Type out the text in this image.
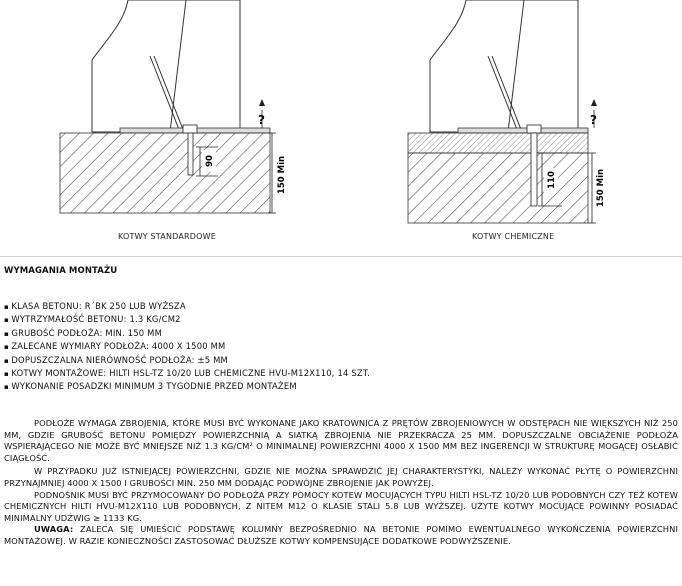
90	150 Min
?
110	150 Min
?
KOTWY STANDARDOWE	KOTWY CHEMICZNE
WYMAGANIA MONTAŻU
▪ KLASA BETONU: R´BK 250 LUB WYŻSZA
▪ WYTRZYMAŁOŚĆ BETONU: 1.3 KG/CM2
▪ GRUBOŚĆ PODŁOŻA: MIN. 150 MM
▪ ZALECANE WYMIARY PODŁOŻA: 4000 X 1500 MM
▪ DOPUSZCZALNA NIERÓWNOŚĆ PODŁOŻA: ±5 MM
▪ KOTWY MONTAŻOWE: HILTI HSL-TZ 10/20 LUB CHEMICZNE HVU-M12X110, 14 SZT.
▪ WYKONANIE POSADZKI MINIMUM 3 TYGODNIE PRZED MONTAŻEM

PODŁOŻE WYMAGA ZBROJENIA, KTÓRE MUSI BYĆ WYKONANE JAKO KRATOWNICA Z PRĘTÓW ZBROJENIOWYCH W ODSTĘPACH NIE WIĘKSZYCH NIŻ 250 MM, GDZIE GRUBOŚĆ BETONU POMIĘDZY POWIERZCHNIĄ A SIATKĄ ZBROJENIA NIE PRZEKRACZA 25 MM. DOPUSZCZALNE OBCIĄŻENIE PODŁOŻA WSPIERAJĄCEGO NIE MOŻE BYĆ MNIEJSZE NIŻ 1.3 KG/CM² O MINIMALNEJ POWIERZCHNI 4000 X 1500 MM BEZ INGERENCJI W STRUKTURĘ MOGĄCEJ OSŁABIĆ CIĄGŁOŚĆ.

W PRZYPADKU JUŻ ISTNIEJĄCEJ POWIERZCHNI, GDZIE NIE MOŻNA SPRAWDZIĆ JEJ CHARAKTERYSTYKI, NALEŻY WYKONAĆ PŁYTĘ O POWIERZCHNI PRZYNAJMNIEJ 4000 X 1500 I GRUBOŚCI MIN. 250 MM DODAJĄC PODWÓJNE ZBROJENIE JAK POWYŻEJ.

PODNOŚNIK MUSI BYĆ PRZYMOCOWANY DO PODŁOŻA PRZY POMOCY KOTEW MOCUJĄCYCH TYPU HILTI HSL-TZ 10/20 LUB PODOBNYCH CZY TEŻ KOTEW CHEMICZNYCH HILTI HVU-M12X110 LUB PODOBNYCH, Z NITEM M12 O KLASIE STALI 5.8 LUB WYŻSZEJ. UŻYTE KOTWY MOCUJĄCE POWINNY POSIADAĆ MINIMALNY UDŹWIG ≥ 1133 KG.

UWAGA: ZALECA SIĘ UMIEŚCIĆ PODSTAWĘ KOLUMNY BEZPOŚREDNIO NA BETONIE POMIMO EWENTUALNEGO WYKOŃCZENIA POWIERZCHNI MONTAŻOWEJ. W RAZIE KONIECZNOŚCI ZASTOSOWAĆ DŁUŻSZE KOTWY KOMPENSUJĄCE DODATKOWE PODWYŻSZENIE.
